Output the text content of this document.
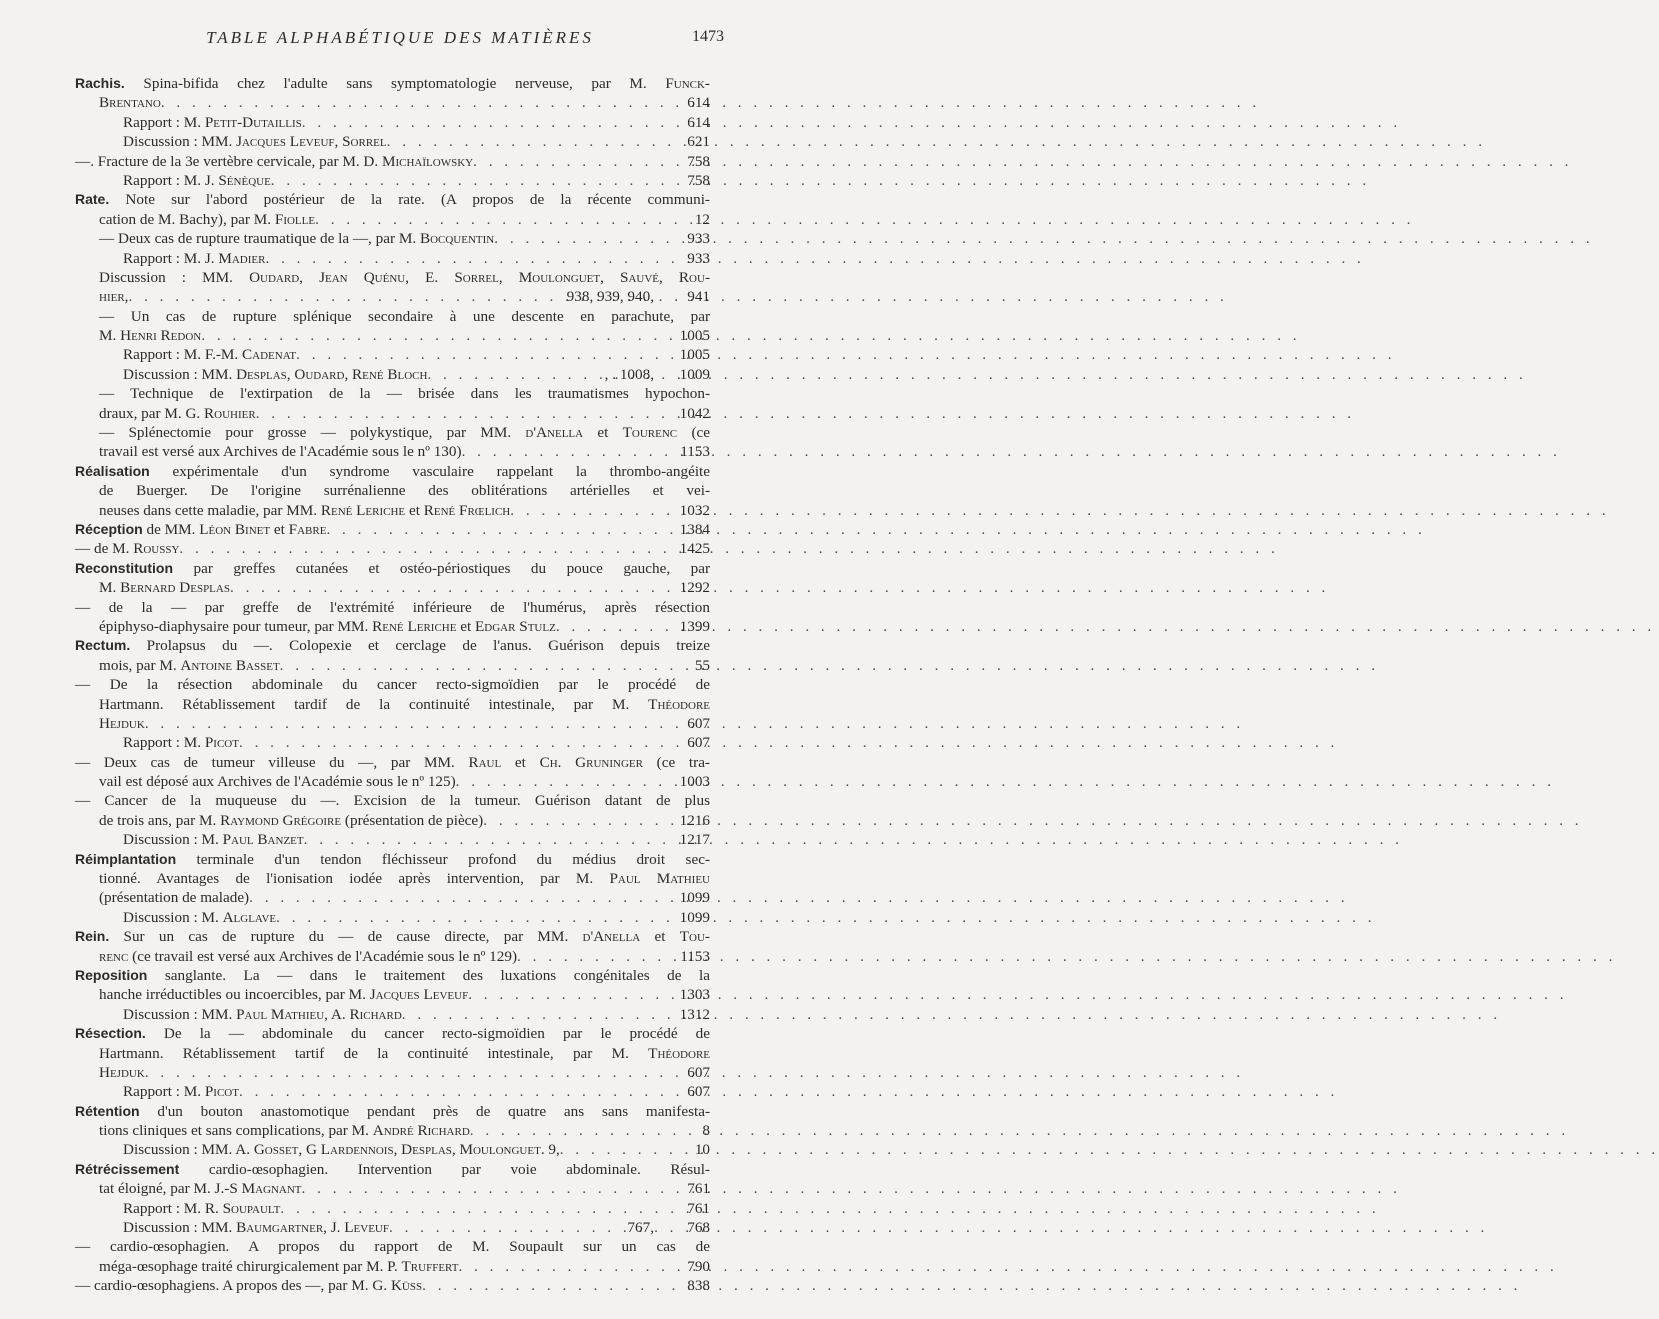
TABLE ALPHABÉTIQUE DES MATIÈRES	1473
Rachis. Spina-bifida chez l'adulte sans symptomatologie nerveuse, par M. Funck-
Brentano . . .	614
Rapport : M. Petit-Dutaillis . . .	614
Discussion : MM. Jacques Leveuf, Sorrel . . .	621
—. Fracture de la 3e vertèbre cervicale, par M. D. Michaïlowsky . . .	758
Rapport : M. J. Sénèque . . .	758
Rate. Note sur l'abord postérieur de la rate. (A propos de la récente communi-
cation de M. Bachy), par M. Fiolle . . .	12
— Deux cas de rupture traumatique de la —, par M. Bocquentin . . .	933
Rapport : M. J. Madier . . .	933
Discussion : MM. Oudard, Jean Quénu, E. Sorrel, Moulonguet, Sauvé, Rou-
hier, . . .	938, 939, 940,	941
— Un cas de rupture splénique secondaire à une descente en parachute, par
M. Henri Redon . . .	1005
Rapport : M. F.-M. Cadenat . . .	1005
Discussion : MM. Desplas, Oudard, René Bloch . . .	, . 1008,	1009
— Technique de l'extirpation de la — brisée dans les traumatismes hypochon-
draux, par M. G. Rouhier . . .	1042
— Splénectomie pour grosse — polykystique, par MM. d'Anella et Tourenc (ce
travail est versé aux Archives de l'Académie sous le nº 130) . . .	1153
Réalisation expérimentale d'un syndrome vasculaire rappelant la thrombo-angéite
de Buerger. De l'origine surrénalienne des oblitérations artérielles et vei-
neuses dans cette maladie, par MM. René Leriche et René Frœlich . . .	1032
Réception de MM. Léon Binet et Fabre . . .	1384
— de M. Roussy . . .	1425
Reconstitution par greffes cutanées et ostéo-périostiques du pouce gauche, par
M. Bernard Desplas . . .	1292
— de la — par greffe de l'extrémité inférieure de l'humérus, après résection
épiphyso-diaphysaire pour tumeur, par MM. René Leriche et Edgar Stulz . . .	1399
Rectum. Prolapsus du —. Colopexie et cerclage de l'anus. Guérison depuis treize
mois, par M. Antoine Basset . . .	55
— De la résection abdominale du cancer recto-sigmoïdien par le procédé de
Hartmann. Rétablissement tardif de la continuité intestinale, par M. Théodore
Hejduk . . .	607
Rapport : M. Picot . . .	607
— Deux cas de tumeur villeuse du —, par MM. Raul et Ch. Gruninger (ce tra-
vail est déposé aux Archives de l'Académie sous le nº 125) . . .	1003
— Cancer de la muqueuse du —. Excision de la tumeur. Guérison datant de plus
de trois ans, par M. Raymond Grégoire (présentation de pièce) . . .	1216
Discussion : M. Paul Banzet . . .	1217
Réimplantation terminale d'un tendon fléchisseur profond du médius droit sec-
tionné. Avantages de l'ionisation iodée après intervention, par M. Paul Mathieu
(présentation de malade) . . .	1099
Discussion : M. Alglave . . .	1099
Rein. Sur un cas de rupture du — de cause directe, par MM. d'Anella et Tou-
renc (ce travail est versé aux Archives de l'Académie sous le nº 129) . . .	1153
Reposition sanglante. La — dans le traitement des luxations congénitales de la
hanche irréductibles ou incoercibles, par M. Jacques Leveuf . . .	1303
Discussion : MM. Paul Mathieu, A. Richard . . .	1312
Résection. De la — abdominale du cancer recto-sigmoïdien par le procédé de
Hartmann. Rétablissement tartif de la continuité intestinale, par M. Théodore
Hejduk . . .	607
Rapport : M. Picot . . .	607
Rétention d'un bouton anastomotique pendant près de quatre ans sans manifesta-
tions cliniques et sans complications, par M. André Richard . . .	8
Discussion : MM. A. Gosset, G Lardennois, Desplas, Moulonguet. 9, . . .	10
Rétrécissement cardio-œsophagien. Intervention par voie abdominale. Résul-
tat éloigné, par M. J.-S Magnant . . .	761
Rapport : M. R. Soupault . . .	761
Discussion : MM. Baumgartner, J. Leveuf . . .	767,	768
— cardio-œsophagien. A propos du rapport de M. Soupault sur un cas de
méga-œsophage traité chirurgicalement par M. P. Truffert . . .	790
— cardio-œsophagiens. A propos des —, par M. G. Küss . . .	838
